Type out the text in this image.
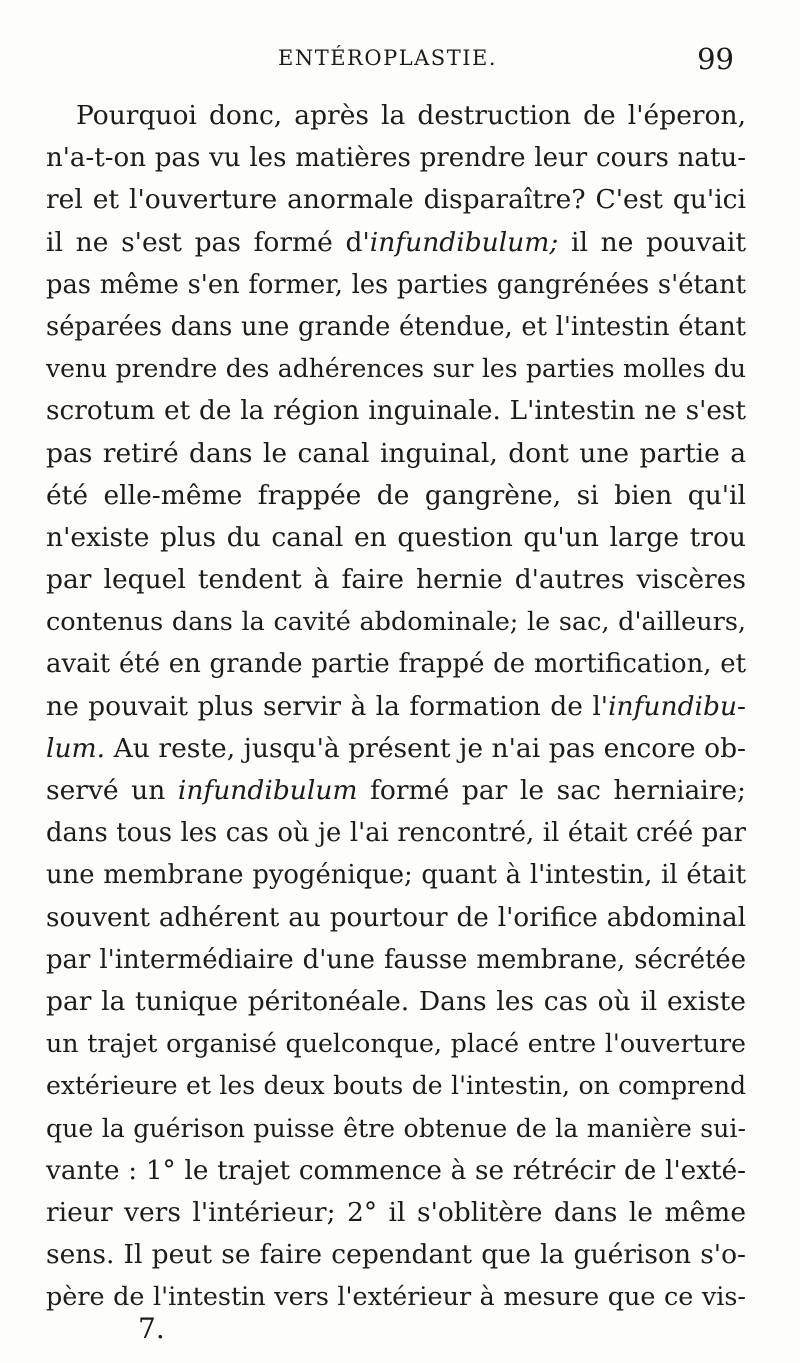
ENTÉROPLASTIE.	99
Pourquoi donc, après la destruction de l'éperon,
n'a-t-on pas vu les matières prendre leur cours natu-
rel et l'ouverture anormale disparaître? C'est qu'ici
il ne s'est pas formé d'infundibulum; il ne pouvait
pas même s'en former, les parties gangrénées s'étant
séparées dans une grande étendue, et l'intestin étant
venu prendre des adhérences sur les parties molles du
scrotum et de la région inguinale. L'intestin ne s'est
pas retiré dans le canal inguinal, dont une partie a
été elle-même frappée de gangrène, si bien qu'il
n'existe plus du canal en question qu'un large trou
par lequel tendent à faire hernie d'autres viscères
contenus dans la cavité abdominale; le sac, d'ailleurs,
avait été en grande partie frappé de mortification, et
ne pouvait plus servir à la formation de l'infundibu-
lum. Au reste, jusqu'à présent je n'ai pas encore ob-
servé un infundibulum formé par le sac herniaire;
dans tous les cas où je l'ai rencontré, il était créé par
une membrane pyogénique; quant à l'intestin, il était
souvent adhérent au pourtour de l'orifice abdominal
par l'intermédiaire d'une fausse membrane, sécrétée
par la tunique péritonéale. Dans les cas où il existe
un trajet organisé quelconque, placé entre l'ouverture
extérieure et les deux bouts de l'intestin, on comprend
que la guérison puisse être obtenue de la manière sui-
vante : 1° le trajet commence à se rétrécir de l'exté-
rieur vers l'intérieur; 2° il s'oblitère dans le même
sens. Il peut se faire cependant que la guérison s'o-
père de l'intestin vers l'extérieur à mesure que ce vis-
7.
